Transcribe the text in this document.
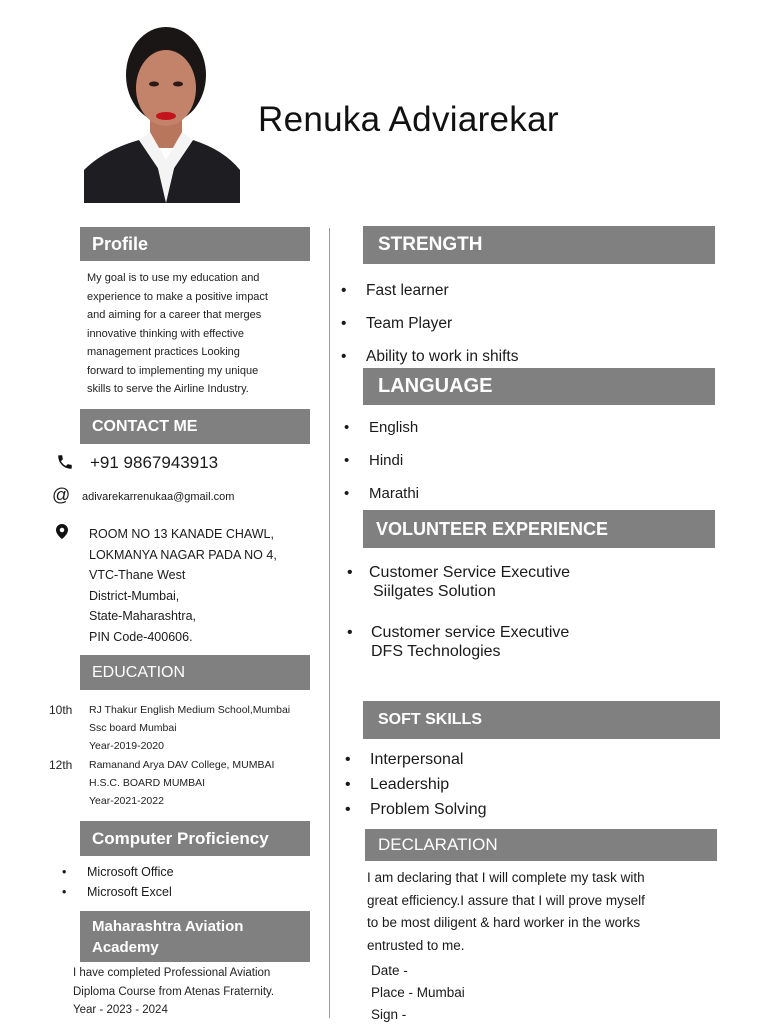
Renuka Adviarekar
Profile
My goal is to use my education and
experience to make a positive impact
and aiming for a career that merges
innovative thinking with effective
management practices Looking
forward to implementing my unique
skills to serve the Airline Industry.
CONTACT ME
+91 9867943913
@	adivarekarrenukaa@gmail.com
ROOM NO 13 KANADE CHAWL,
LOKMANYA NAGAR PADA NO 4,
VTC-Thane West
District-Mumbai,
State-Maharashtra,
PIN Code-400606.
EDUCATION
10th RJ Thakur English Medium School,Mumbai
Ssc board Mumbai
Year-2019-2020
12th Ramanand Arya DAV College, MUMBAI
H.S.C. BOARD MUMBAI
Year-2021-2022
Computer Proficiency
• Microsoft Office
• Microsoft Excel
Maharashtra Aviation
Academy
I have completed Professional Aviation
Diploma Course from Atenas Fraternity.
Year - 2023 - 2024
STRENGTH
• Fast learner
• Team Player
• Ability to work in shifts
LANGUAGE
• English
• Hindi
• Marathi
VOLUNTEER EXPERIENCE
• Customer Service Executive
Siilgates Solution
• Customer service Executive
DFS Technologies
SOFT SKILLS
• Interpersonal
• Leadership
• Problem Solving
DECLARATION
I am declaring that I will complete my task with
great efficiency.I assure that I will prove myself
to be most diligent & hard worker in the works
entrusted to me.
Date -
Place - Mumbai
Sign -
